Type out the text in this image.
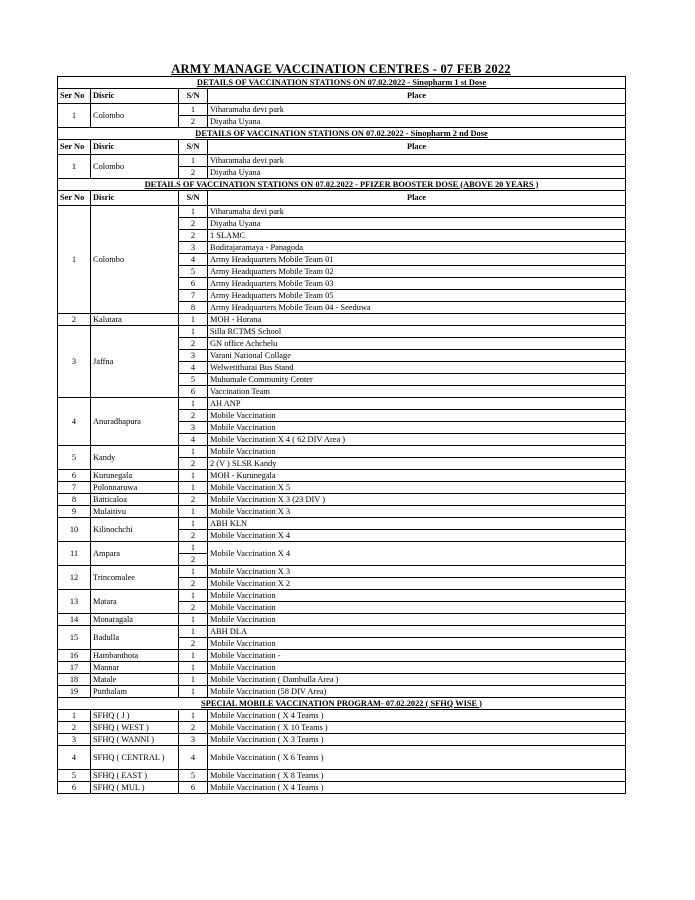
ARMY MANAGE VACCINATION CENTRES - 07 FEB 2022
DETAILS OF VACCINATION STATIONS ON 07.02.2022 - Sinopharm 1 st Dose			
Ser No	Disric	S/N	Place
1	Colombo	1	Viharamaha devi park
		2	Diyatha Uyana
DETAILS OF VACCINATION STATIONS ON 07.02.2022 - Sinopharm 2 nd Dose			
Ser No	Disric	S/N	Place
1	Colombo	1	Viharamaha devi park
		2	Diyatha Uyana
DETAILS OF VACCINATION STATIONS ON 07.02.2022 - PFIZER BOOSTER DOSE (ABOVE 20 YEARS )			
Ser No	Disric	S/N	Place
1	Colombo	1	Viharamaha devi park
		2	Diyatha Uyana
		2	1 SLAMC
		3	Bodirajaramaya - Panagoda
		4	Army Headquarters Mobile Team 01
		5	Army Headquarters Mobile Team 02
		6	Army Headquarters Mobile Team 03
		7	Army Headquarters Mobile Team 05
		8	Army Headquarters Mobile Team 04 - Seeduwa
2	Kalutara	1	MOH - Horana
3	Jaffna	1	Silla RCTMS School
		2	GN office Achchelu
		3	Varani National Collage
		4	Welwetithurai Bus Stand
		5	Muhumale Community Center
		6	Vaccination Team
4	Anuradhapura	1	AH ANP
		2	Mobile Vaccination
		3	Mobile Vaccination
		4	Mobile Vaccination X 4 ( 62 DIV Area )
5	Kandy	1	Mobile Vaccination
		2	2 (V ) SLSR Kandy
6	Kurunegala	1	MOH - Kurunegala
7	Polonnaruwa	1	Mobile Vaccination X 5
8	Batticaloa	2	Mobile Vaccination X 3 (23 DIV )
9	Mulaitivu	1	Mobile Vaccination X 3
10	Kilinochchi	1	ABH KLN
		2	Mobile Vaccination X 4
11	Ampara	1	Mobile Vaccination X 4
		2	
12	Trincomalee	1	Mobile Vaccination X 3
		2	Mobile Vaccination X 2
13	Matara	1	Mobile Vaccination
		2	Mobile Vaccination
14	Monaragala	1	Mobile Vaccination
15	Badulla	1	ABH DLA
		2	Mobile Vaccination
16	Hambanthota	1	Mobile Vaccination -
17	Mannar	1	Mobile Vaccination
18	Matale	1	Mobile Vaccination ( Dambulla Area )
19	Putthalam	1	Mobile Vaccination (58 DIV Area)
SPECIAL MOBILE VACCINATION PROGRAM- 07.02.2022 ( SFHQ WISE )			
1	SFHQ ( J )	1	Mobile Vaccination ( X 4 Teams )
2	SFHQ ( WEST )	2	Mobile Vaccination ( X 10 Teams )
3	SFHQ ( WANNI )	3	Mobile Vaccination ( X 3 Teams )
4	SFHQ ( CENTRAL )	4	Mobile Vaccination ( X 6 Teams )
5	SFHQ ( EAST )	5	Mobile Vaccination ( X 8 Teams )
6	SFHQ ( MUL )	6	Mobile Vaccination ( X 4 Teams )
